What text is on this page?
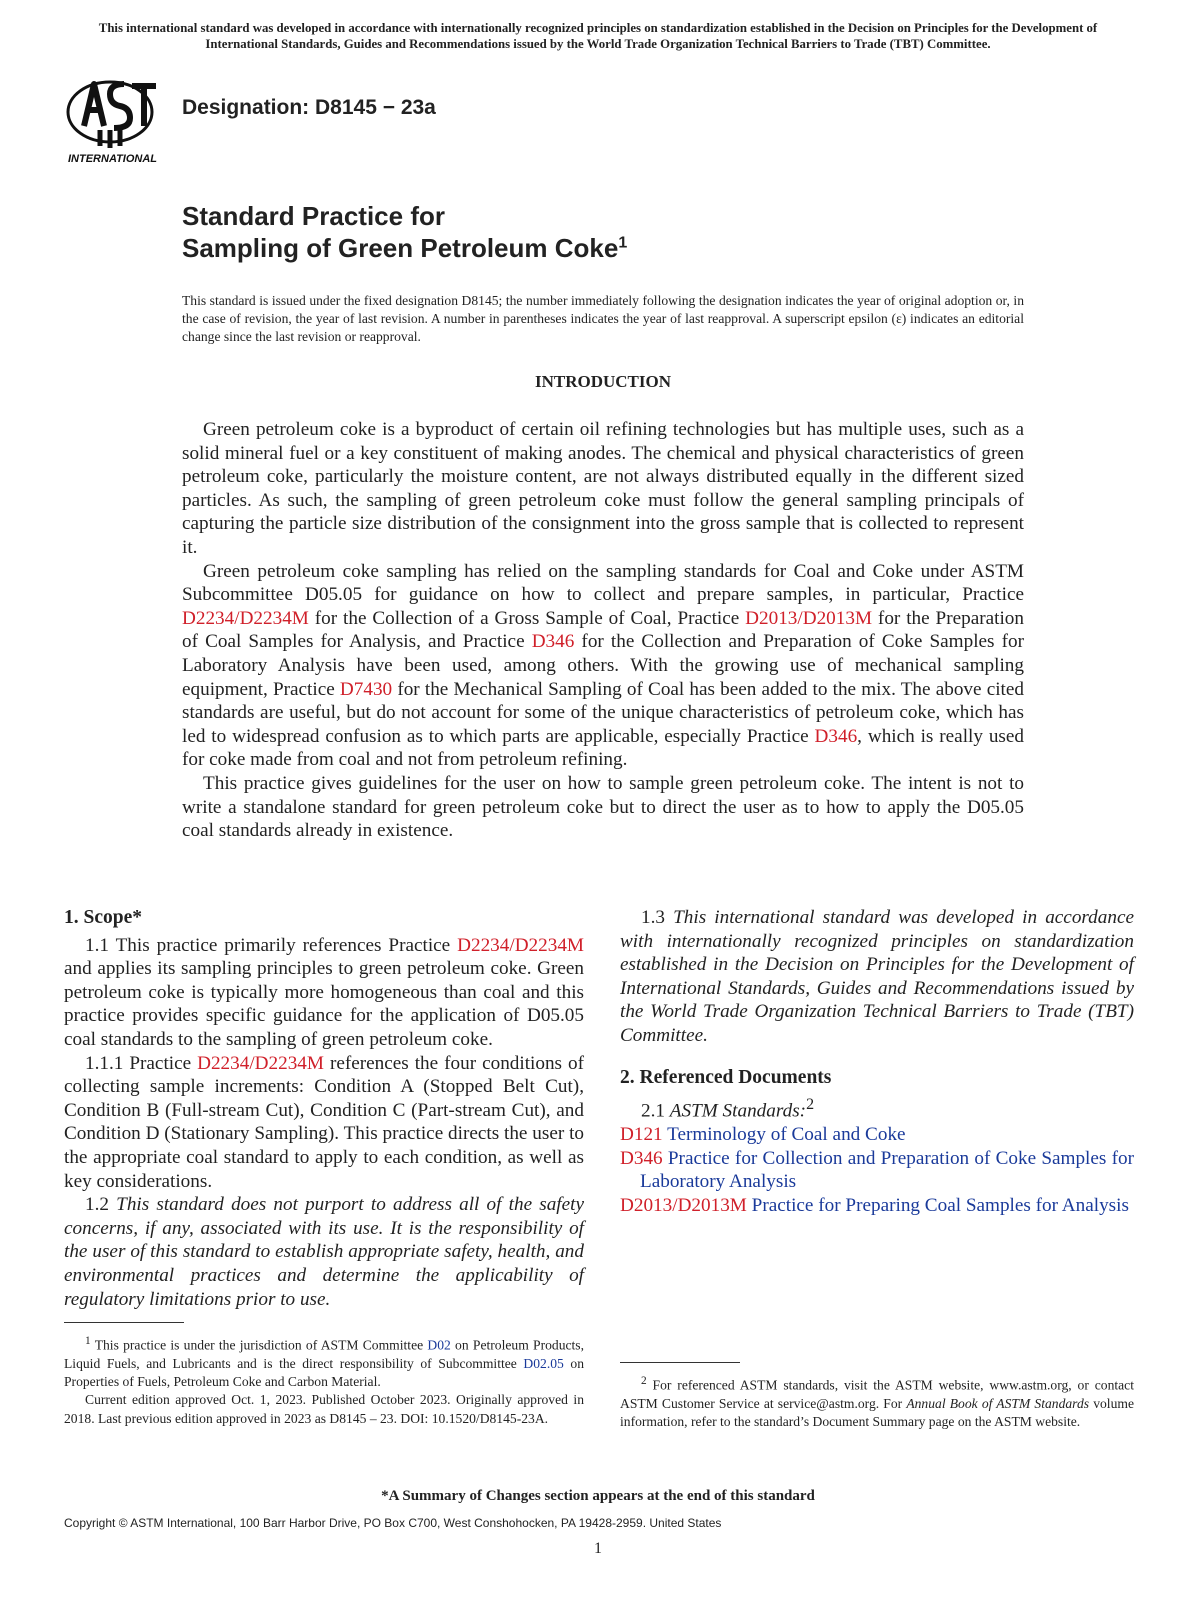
This international standard was developed in accordance with internationally recognized principles on standardization established in the Decision on Principles for the Development of International Standards, Guides and Recommendations issued by the World Trade Organization Technical Barriers to Trade (TBT) Committee.
INTERNATIONAL
Designation: D8145 − 23a
Standard Practice for
Sampling of Green Petroleum Coke$^1$
This standard is issued under the fixed designation D8145; the number immediately following the designation indicates the year of original adoption or, in the case of revision, the year of last revision. A number in parentheses indicates the year of last reapproval. A superscript epsilon (ε) indicates an editorial change since the last revision or reapproval.
INTRODUCTION

Green petroleum coke is a byproduct of certain oil refining technologies but has multiple uses, such as a solid mineral fuel or a key constituent of making anodes. The chemical and physical characteristics of green petroleum coke, particularly the moisture content, are not always distributed equally in the different sized particles. As such, the sampling of green petroleum coke must follow the general sampling principals of capturing the particle size distribution of the consignment into the gross sample that is collected to represent it.

Green petroleum coke sampling has relied on the sampling standards for Coal and Coke under ASTM Subcommittee D05.05 for guidance on how to collect and prepare samples, in particular, Practice D2234/D2234M for the Collection of a Gross Sample of Coal, Practice D2013/D2013M for the Preparation of Coal Samples for Analysis, and Practice D346 for the Collection and Preparation of Coke Samples for Laboratory Analysis have been used, among others. With the growing use of mechanical sampling equipment, Practice D7430 for the Mechanical Sampling of Coal has been added to the mix. The above cited standards are useful, but do not account for some of the unique characteristics of petroleum coke, which has led to widespread confusion as to which parts are applicable, especially Practice D346, which is really used for coke made from coal and not from petroleum refining.

This practice gives guidelines for the user on how to sample green petroleum coke. The intent is not to write a standalone standard for green petroleum coke but to direct the user as to how to apply the D05.05 coal standards already in existence.

1. Scope*

1.1 This practice primarily references Practice D2234/D2234M and applies its sampling principles to green petroleum coke. Green petroleum coke is typically more homogeneous than coal and this practice provides specific guidance for the application of D05.05 coal standards to the sampling of green petroleum coke.

1.1.1 Practice D2234/D2234M references the four conditions of collecting sample increments: Condition A (Stopped Belt Cut), Condition B (Full-stream Cut), Condition C (Part-stream Cut), and Condition D (Stationary Sampling). This practice directs the user to the appropriate coal standard to apply to each condition, as well as key considerations.

1.2 This standard does not purport to address all of the safety concerns, if any, associated with its use. It is the responsibility of the user of this standard to establish appropriate safety, health, and environmental practices and determine the applicability of regulatory limitations prior to use.

1.3 This international standard was developed in accordance with internationally recognized principles on standardization established in the Decision on Principles for the Development of International Standards, Guides and Recommendations issued by the World Trade Organization Technical Barriers to Trade (TBT) Committee.

2. Referenced Documents

2.1 ASTM Standards:$^2$

D121 Terminology of Coal and Coke

D346 Practice for Collection and Preparation of Coke Samples for Laboratory Analysis

D2013/D2013M Practice for Preparing Coal Samples for Analysis

$^1$ This practice is under the jurisdiction of ASTM Committee D02 on Petroleum Products, Liquid Fuels, and Lubricants and is the direct responsibility of Subcommittee D02.05 on Properties of Fuels, Petroleum Coke and Carbon Material.

Current edition approved Oct. 1, 2023. Published October 2023. Originally approved in 2018. Last previous edition approved in 2023 as D8145 – 23. DOI: 10.1520/D8145-23A.

$^2$ For referenced ASTM standards, visit the ASTM website, www.astm.org, or contact ASTM Customer Service at service@astm.org. For Annual Book of ASTM Standards volume information, refer to the standard’s Document Summary page on the ASTM website.

*A Summary of Changes section appears at the end of this standard
Copyright © ASTM International, 100 Barr Harbor Drive, PO Box C700, West Conshohocken, PA 19428-2959. United States
1
